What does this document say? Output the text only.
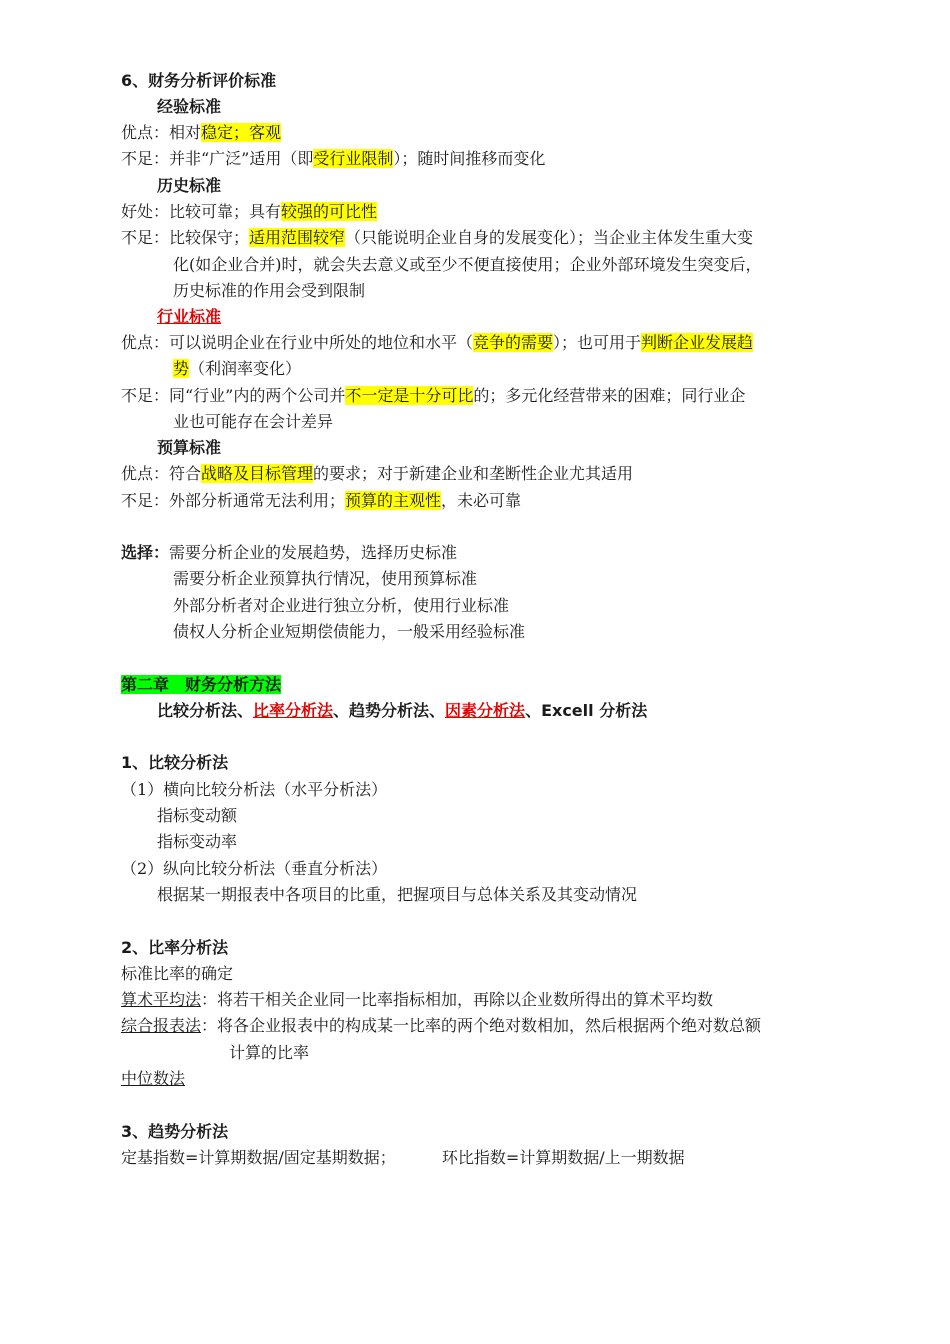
6、财务分析评价标准
经验标准
优点：相对稳定；客观
不足：并非“广泛”适用（即受行业限制）；随时间推移而变化
历史标准
好处：比较可靠；具有较强的可比性
不足：比较保守；适用范围较窄（只能说明企业自身的发展变化）；当企业主体发生重大变
化(如企业合并)时，就会失去意义或至少不便直接使用；企业外部环境发生突变后，
历史标准的作用会受到限制
行业标准
优点：可以说明企业在行业中所处的地位和水平（竞争的需要）；也可用于判断企业发展趋
势（利润率变化）
不足：同“行业”内的两个公司并不一定是十分可比的；多元化经营带来的困难；同行业企
业也可能存在会计差异
预算标准
优点：符合战略及目标管理的要求；对于新建企业和垄断性企业尤其适用
不足：外部分析通常无法利用；预算的主观性，未必可靠
选择：需要分析企业的发展趋势，选择历史标准
需要分析企业预算执行情况，使用预算标准
外部分析者对企业进行独立分析，使用行业标准
债权人分析企业短期偿债能力，一般采用经验标准
第二章　财务分析方法
比较分析法、比率分析法、趋势分析法、因素分析法、Excell 分析法
1、比较分析法
（1）横向比较分析法（水平分析法）
指标变动额
指标变动率
（2）纵向比较分析法（垂直分析法）
根据某一期报表中各项目的比重，把握项目与总体关系及其变动情况
2、比率分析法
标准比率的确定
算术平均法：将若干相关企业同一比率指标相加，再除以企业数所得出的算术平均数
综合报表法：将各企业报表中的构成某一比率的两个绝对数相加，然后根据两个绝对数总额
计算的比率
中位数法
3、趋势分析法
定基指数=计算期数据/固定基期数据；	环比指数=计算期数据/上一期数据
